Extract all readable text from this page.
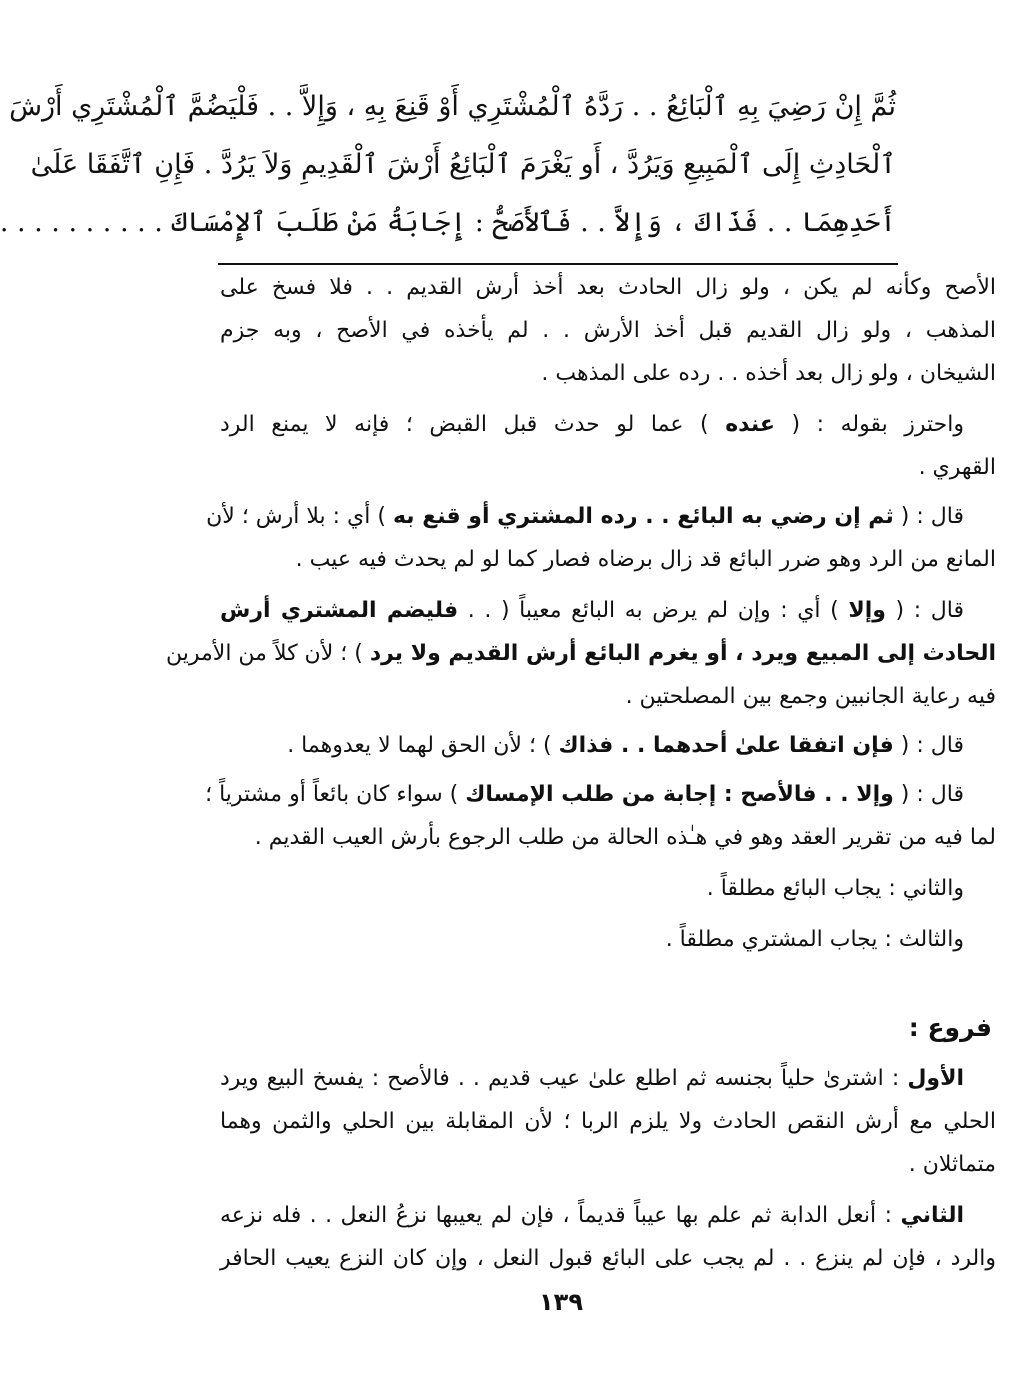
ثُمَّ إِنْ رَضِيَ بِهِ ٱلْبَائِعُ . . رَدَّهُ ٱلْمُشْتَرِي أَوْ قَنِعَ بِهِ ، وَإِلاَّ . . فَلْيَضُمَّ ٱلْمُشْتَرِي أَرْشَ
ٱلْحَادِثِ إِلَى ٱلْمَبِيعِ وَيَرُدَّ ، أَو يَغْرَمَ ٱلْبَائِعُ أَرْشَ ٱلْقَدِيمِ وَلاَ يَرُدَّ . فَإِنِ ٱتَّفَقَا عَلَىٰ
أَحَدِهِمَا . . فَذَاكَ ، وَإِلاَّ . . فَٱلأَصَحُّ : إِجَابَةُ مَنْ طَلَبَ ٱلإِمْسَاكَ . . . . . . . . . .
الأصح وكأنه لم يكن ، ولو زال الحادث بعد أخذ أرش القديم . . فلا فسخ على
المذهب ، ولو زال القديم قبل أخذ الأرش . . لم يأخذه في الأصح ، وبه جزم
الشيخان ، ولو زال بعد أخذه . . رده على المذهب .
واحترز بقوله : ( عنده ) عما لو حدث قبل القبض ؛ فإنه لا يمنع الرد
القهري .
قال : ( ثم إن رضي به البائع . . رده المشتري أو قنع به ) أي : بلا أرش ؛ لأن
المانع من الرد وهو ضرر البائع قد زال برضاه فصار كما لو لم يحدث فيه عيب .
قال : ( وإلا ) أي : وإن لم يرض به البائع معيباً ( . . فليضم المشتري أرش
الحادث إلى المبيع ويرد ، أو يغرم البائع أرش القديم ولا يرد ) ؛ لأن كلاً من الأمرين
فيه رعاية الجانبين وجمع بين المصلحتين .
قال : ( فإن اتفقا علىٰ أحدهما . . فذاك ) ؛ لأن الحق لهما لا يعدوهما .
قال : ( وإلا . . فالأصح : إجابة من طلب الإمساك ) سواء كان بائعاً أو مشترياً ؛
لما فيه من تقرير العقد وهو في هـٰذه الحالة من طلب الرجوع بأرش العيب القديم .
والثاني : يجاب البائع مطلقاً .
والثالث : يجاب المشتري مطلقاً .
فروع :
الأول : اشترىٰ حلياً بجنسه ثم اطلع علىٰ عيب قديم . . فالأصح : يفسخ البيع ويرد
الحلي مع أرش النقص الحادث ولا يلزم الربا ؛ لأن المقابلة بين الحلي والثمن وهما
متماثلان .
الثاني : أنعل الدابة ثم علم بها عيباً قديماً ، فإن لم يعيبها نزعُ النعل . . فله نزعه
والرد ، فإن لم ينزع . . لم يجب على البائع قبول النعل ، وإن كان النزع يعيب الحافر
١٣٩
